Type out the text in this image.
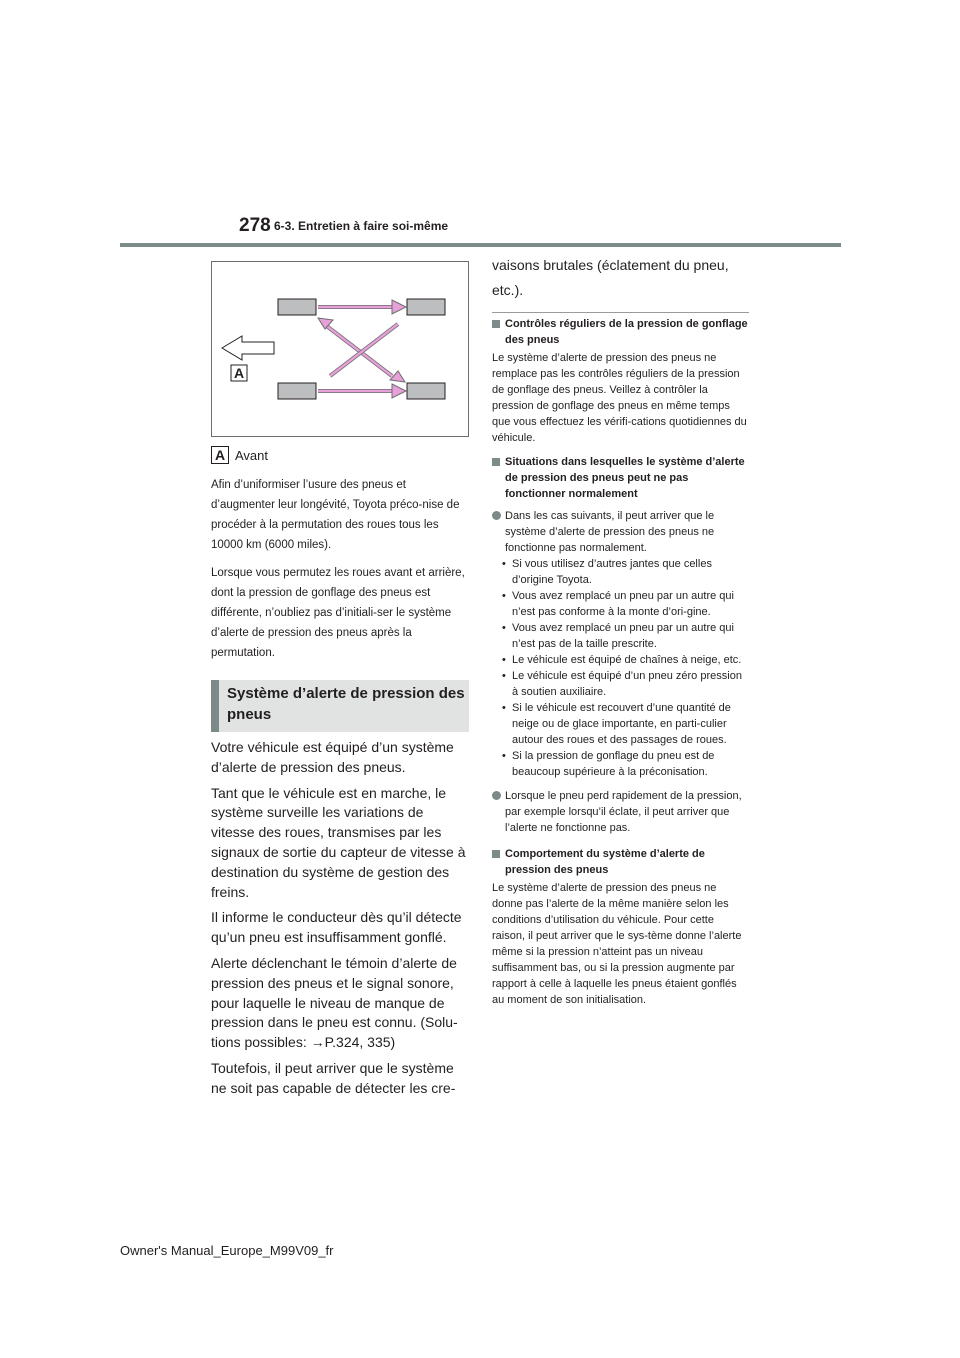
278 6-3. Entretien à faire soi-même
A
A Avant

Afin d’uniformiser l’usure des pneus et d’augmenter leur longévité, Toyota préco-nise de procéder à la permutation des roues tous les 10000 km (6000 miles).

Lorsque vous permutez les roues avant et arrière, dont la pression de gonflage des pneus est différente, n’oubliez pas d’initiali-ser le système d’alerte de pression des pneus après la permutation.

Système d’alerte de pression des pneus

Votre véhicule est équipé d’un système d’alerte de pression des pneus.

Tant que le véhicule est en marche, le système surveille les variations de vitesse des roues, transmises par les signaux de sortie du capteur de vitesse à destination du système de gestion des freins.

Il informe le conducteur dès qu’il détecte qu’un pneu est insuffisamment gonflé.

Alerte déclenchant le témoin d’alerte de pression des pneus et le signal sonore, pour laquelle le niveau de manque de pression dans le pneu est connu. (Solu-tions possibles: →P.324, 335)

Toutefois, il peut arriver que le système ne soit pas capable de détecter les cre-

vaisons brutales (éclatement du pneu, etc.).
Contrôles réguliers de la pression de gonflage des pneus

Le système d’alerte de pression des pneus ne remplace pas les contrôles réguliers de la pression de gonflage des pneus. Veillez à contrôler la pression de gonflage des pneus en même temps que vous effectuez les vérifi-cations quotidiennes du véhicule.

Situations dans lesquelles le système d’alerte de pression des pneus peut ne pas fonctionner normalement
Dans les cas suivants, il peut arriver que le système d’alerte de pression des pneus ne fonctionne pas normalement.
• Si vous utilisez d’autres jantes que celles d’origine Toyota.
• Vous avez remplacé un pneu par un autre qui n’est pas conforme à la monte d’ori-gine.
• Vous avez remplacé un pneu par un autre qui n’est pas de la taille prescrite.
• Le véhicule est équipé de chaînes à neige, etc.
• Le véhicule est équipé d’un pneu zéro pression à soutien auxiliaire.
• Si le véhicule est recouvert d’une quantité de neige ou de glace importante, en parti-culier autour des roues et des passages de roues.
• Si la pression de gonflage du pneu est de beaucoup supérieure à la préconisation.
Lorsque le pneu perd rapidement de la pression, par exemple lorsqu’il éclate, il peut arriver que l’alerte ne fonctionne pas.
Comportement du système d’alerte de pression des pneus

Le système d’alerte de pression des pneus ne donne pas l’alerte de la même manière selon les conditions d’utilisation du véhicule. Pour cette raison, il peut arriver que le sys-tème donne l’alerte même si la pression n’atteint pas un niveau suffisamment bas, ou si la pression augmente par rapport à celle à laquelle les pneus étaient gonflés au moment de son initialisation.

Owner's Manual_Europe_M99V09_fr
